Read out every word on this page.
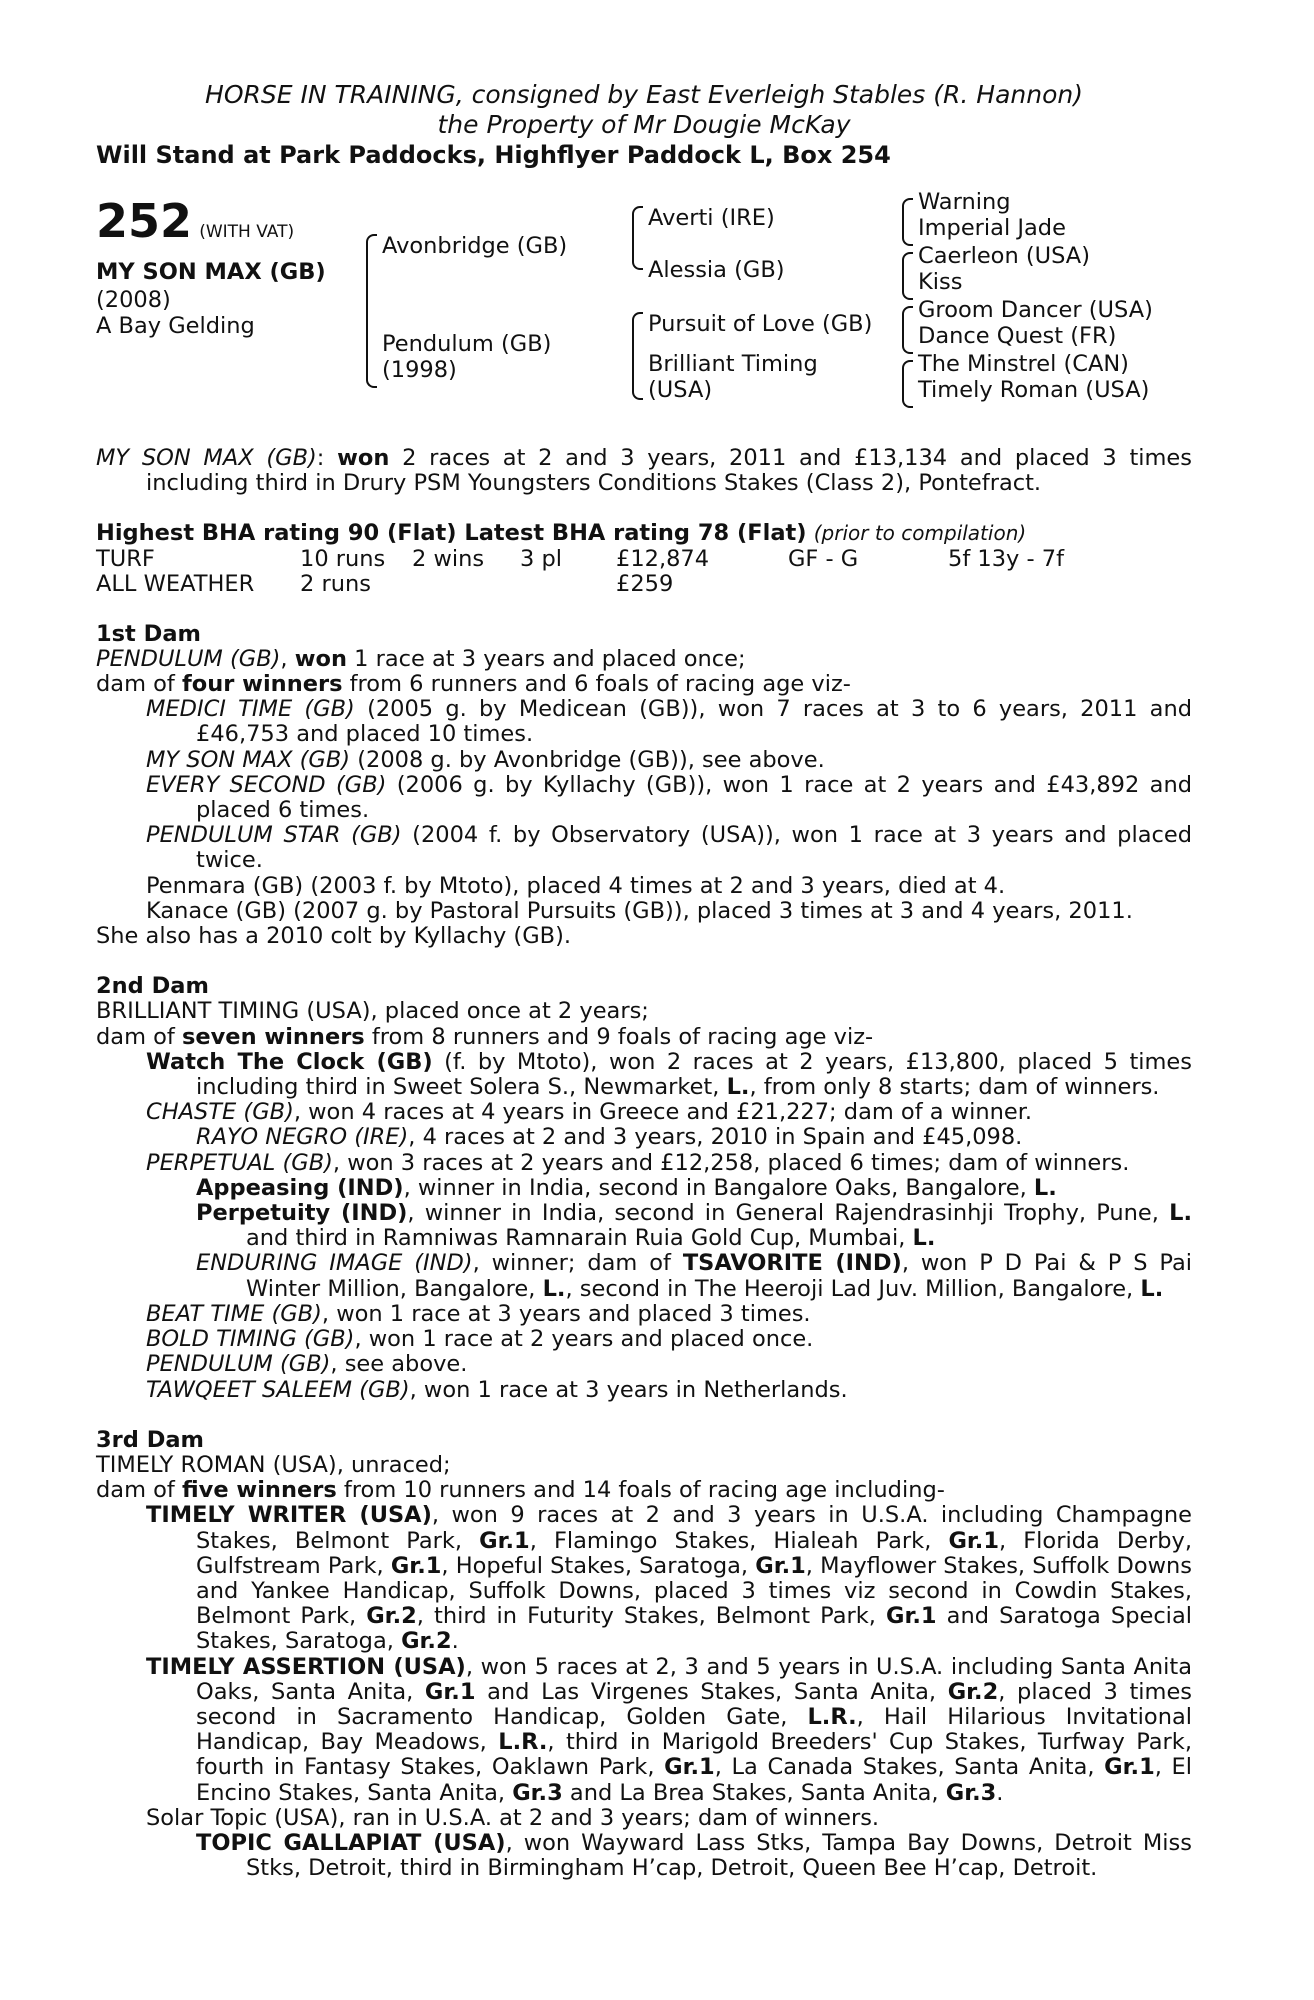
HORSE IN TRAINING, consigned by East Everleigh Stables (R. Hannon)
the Property of Mr Dougie McKay
Will Stand at Park Paddocks, Highflyer Paddock L, Box 254
252 (WITH VAT)
MY SON MAX (GB)
(2008)
A Bay Gelding
Avonbridge (GB)
Pendulum (GB)
(1998)
Averti (IRE)
Alessia (GB)
Pursuit of Love (GB)
Brilliant Timing
(USA)
Warning
Imperial Jade
Caerleon (USA)
Kiss
Groom Dancer (USA)
Dance Quest (FR)
The Minstrel (CAN)
Timely Roman (USA)

MY SON MAX (GB): won 2 races at 2 and 3 years, 2011 and £13,134 and placed 3 times including third in Drury PSM Youngsters Conditions Stakes (Class 2), Pontefract.

Highest BHA rating 90 (Flat) Latest BHA rating 78 (Flat) (prior to compilation)

TURF	10 runs	2 wins	3 pl	£12,874	GF - G	5f 13y - 7f
ALL WEATHER	2 runs			£259		

1st Dam

PENDULUM (GB), won 1 race at 3 years and placed once;

dam of four winners from 6 runners and 6 foals of racing age viz-

MEDICI TIME (GB) (2005 g. by Medicean (GB)), won 7 races at 3 to 6 years, 2011 and £46,753 and placed 10 times.

MY SON MAX (GB) (2008 g. by Avonbridge (GB)), see above.

EVERY SECOND (GB) (2006 g. by Kyllachy (GB)), won 1 race at 2 years and £43,892 and placed 6 times.

PENDULUM STAR (GB) (2004 f. by Observatory (USA)), won 1 race at 3 years and placed twice.

Penmara (GB) (2003 f. by Mtoto), placed 4 times at 2 and 3 years, died at 4.

Kanace (GB) (2007 g. by Pastoral Pursuits (GB)), placed 3 times at 3 and 4 years, 2011.

She also has a 2010 colt by Kyllachy (GB).

2nd Dam

BRILLIANT TIMING (USA), placed once at 2 years;

dam of seven winners from 8 runners and 9 foals of racing age viz-

Watch The Clock (GB) (f. by Mtoto), won 2 races at 2 years, £13,800, placed 5 times including third in Sweet Solera S., Newmarket, L., from only 8 starts; dam of winners.

CHASTE (GB), won 4 races at 4 years in Greece and £21,227; dam of a winner.

RAYO NEGRO (IRE), 4 races at 2 and 3 years, 2010 in Spain and £45,098.

PERPETUAL (GB), won 3 races at 2 years and £12,258, placed 6 times; dam of winners.

Appeasing (IND), winner in India, second in Bangalore Oaks, Bangalore, L.

Perpetuity (IND), winner in India, second in General Rajendrasinhji Trophy, Pune, L. and third in Ramniwas Ramnarain Ruia Gold Cup, Mumbai, L.

ENDURING IMAGE (IND), winner; dam of TSAVORITE (IND), won P D Pai & P S Pai Winter Million, Bangalore, L., second in The Heeroji Lad Juv. Million, Bangalore, L.

BEAT TIME (GB), won 1 race at 3 years and placed 3 times.

BOLD TIMING (GB), won 1 race at 2 years and placed once.

PENDULUM (GB), see above.

TAWQEET SALEEM (GB), won 1 race at 3 years in Netherlands.

3rd Dam

TIMELY ROMAN (USA), unraced;

dam of five winners from 10 runners and 14 foals of racing age including-

TIMELY WRITER (USA), won 9 races at 2 and 3 years in U.S.A. including Champagne Stakes, Belmont Park, Gr.1, Flamingo Stakes, Hialeah Park, Gr.1, Florida Derby, Gulfstream Park, Gr.1, Hopeful Stakes, Saratoga, Gr.1, Mayflower Stakes, Suffolk Downs and Yankee Handicap, Suffolk Downs, placed 3 times viz second in Cowdin Stakes, Belmont Park, Gr.2, third in Futurity Stakes, Belmont Park, Gr.1 and Saratoga Special Stakes, Saratoga, Gr.2.

TIMELY ASSERTION (USA), won 5 races at 2, 3 and 5 years in U.S.A. including Santa Anita Oaks, Santa Anita, Gr.1 and Las Virgenes Stakes, Santa Anita, Gr.2, placed 3 times second in Sacramento Handicap, Golden Gate, L.R., Hail Hilarious Invitational Handicap, Bay Meadows, L.R., third in Marigold Breeders' Cup Stakes, Turfway Park, fourth in Fantasy Stakes, Oaklawn Park, Gr.1, La Canada Stakes, Santa Anita, Gr.1, El Encino Stakes, Santa Anita, Gr.3 and La Brea Stakes, Santa Anita, Gr.3.

Solar Topic (USA), ran in U.S.A. at 2 and 3 years; dam of winners.

TOPIC GALLAPIAT (USA), won Wayward Lass Stks, Tampa Bay Downs, Detroit Miss Stks, Detroit, third in Birmingham H’cap, Detroit, Queen Bee H’cap, Detroit.
